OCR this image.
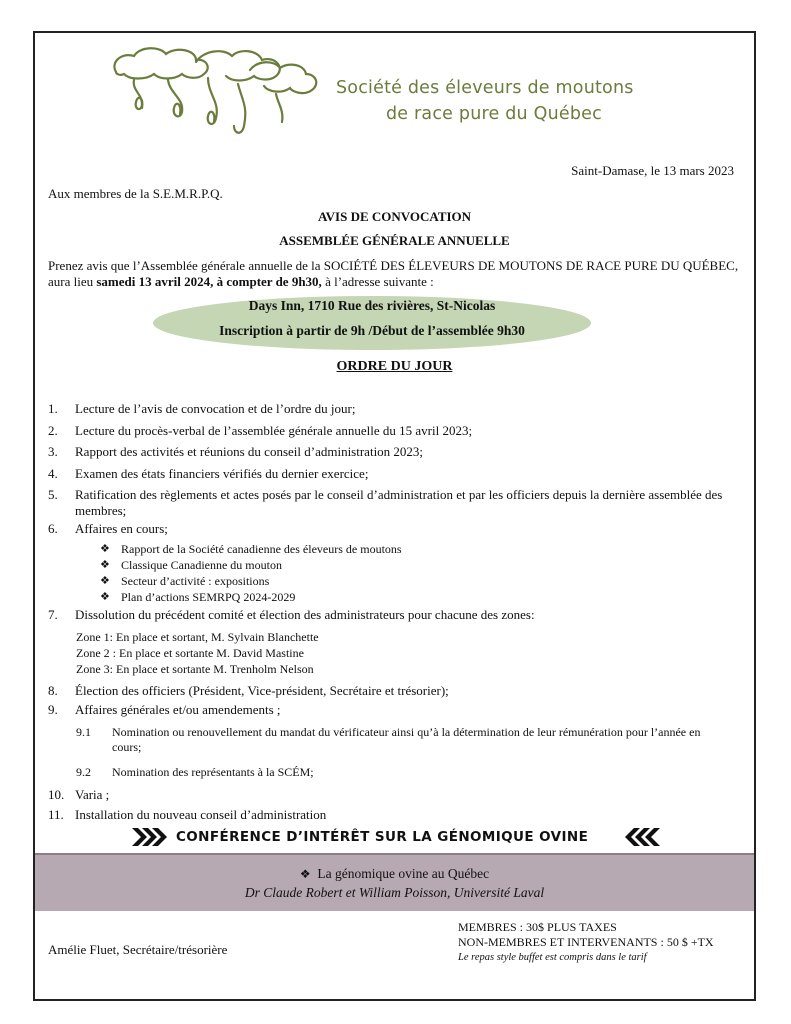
Société des éleveurs de moutons
de race pure du Québec
Saint-Damase, le 13 mars 2023
Aux membres de la S.E.M.R.P.Q.
AVIS DE CONVOCATION
ASSEMBLÉE GÉNÉRALE ANNUELLE
Prenez avis que l’Assemblée générale annuelle de la SOCIÉTÉ DES ÉLEVEURS DE MOUTONS DE RACE PURE DU QUÉBEC, aura lieu samedi 13 avril 2024, à compter de 9h30, à l’adresse suivante :
Days Inn, 1710 Rue des rivières, St-Nicolas
Inscription à partir de 9h /Début de l’assemblée 9h30
ORDRE DU JOUR
1. Lecture de l’avis de convocation et de l’ordre du jour;
2. Lecture du procès-verbal de l’assemblée générale annuelle du 15 avril 2023;
3. Rapport des activités et réunions du conseil d’administration 2023;
4. Examen des états financiers vérifiés du dernier exercice;
5. Ratification des règlements et actes posés par le conseil d’administration et par les officiers depuis la dernière assemblée des membres;
6. Affaires en cours;
❖ Rapport de la Société canadienne des éleveurs de moutons
❖ Classique Canadienne du mouton
❖ Secteur d’activité : expositions
❖ Plan d’actions SEMRPQ 2024-2029
7. Dissolution du précédent comité et élection des administrateurs pour chacune des zones:
Zone 1: En place et sortant, M. Sylvain Blanchette
Zone 2 : En place et sortante M. David Mastine
Zone 3: En place et sortante M. Trenholm Nelson
8. Élection des officiers (Président, Vice-président, Secrétaire et trésorier);
9. Affaires générales et/ou amendements ;
9.1 Nomination ou renouvellement du mandat du vérificateur ainsi qu’à la détermination de leur rémunération pour l’année en cours;
9.2 Nomination des représentants à la SCÉM;
10. Varia ;
11. Installation du nouveau conseil d’administration
CONFÉRENCE D’INTÉRÊT SUR LA GÉNOMIQUE OVINE
❖ La génomique ovine au Québec
Dr Claude Robert et William Poisson, Université Laval
Amélie Fluet, Secrétaire/trésorière
MEMBRES : 30$ PLUS TAXES
NON-MEMBRES ET INTERVENANTS : 50 $ +TX
Le repas style buffet est compris dans le tarif
